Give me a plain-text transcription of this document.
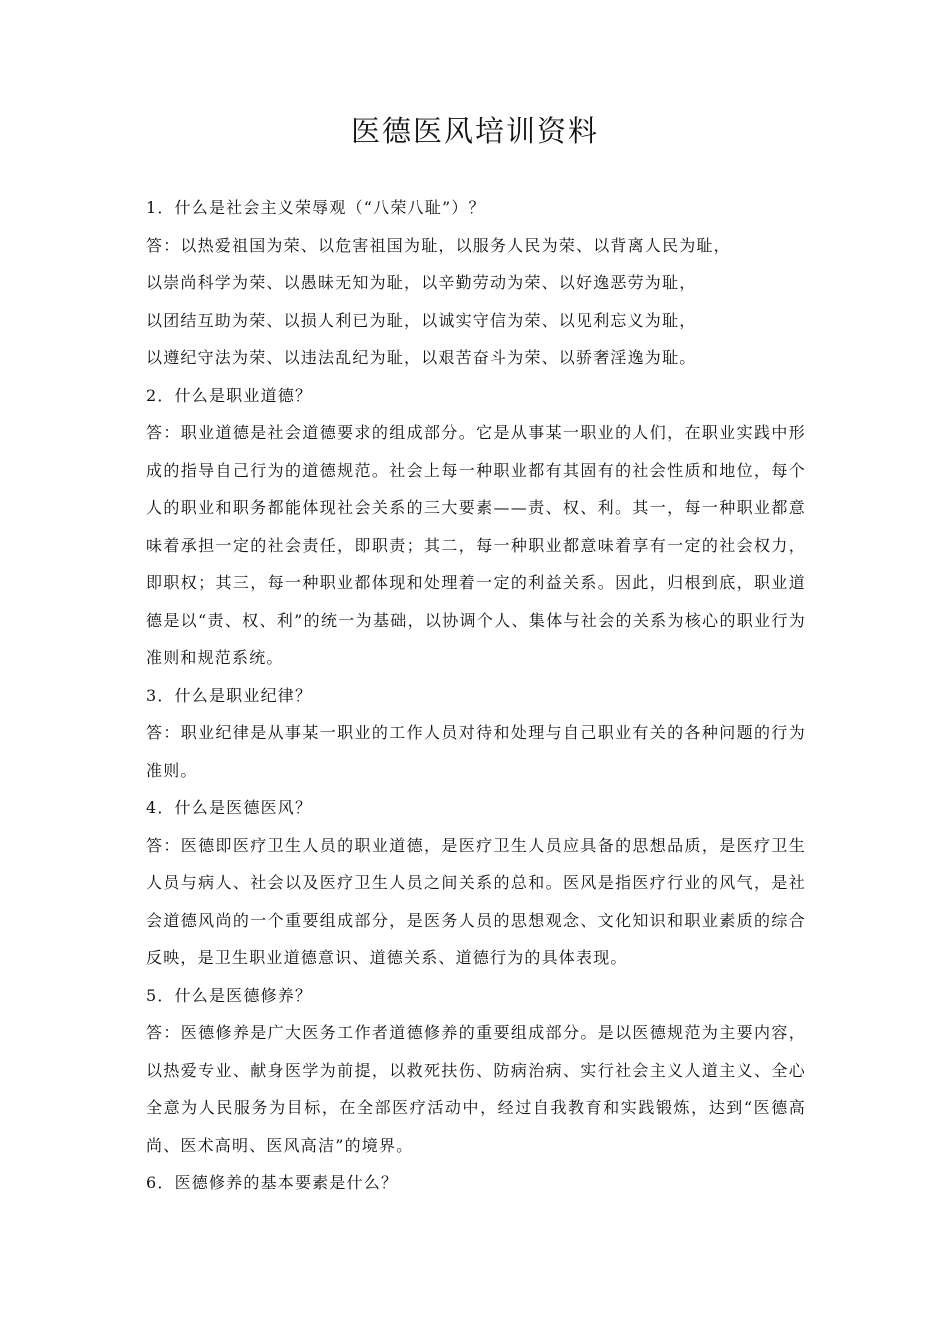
医德医风培训资料

1．什么是社会主义荣辱观（“八荣八耻”）？

答：以热爱祖国为荣、以危害祖国为耻，以服务人民为荣、以背离人民为耻，

以崇尚科学为荣、以愚昧无知为耻，以辛勤劳动为荣、以好逸恶劳为耻，

以团结互助为荣、以损人利已为耻，以诚实守信为荣、以见利忘义为耻，

以遵纪守法为荣、以违法乱纪为耻，以艰苦奋斗为荣、以骄奢淫逸为耻。

2．什么是职业道德？

答：职业道德是社会道德要求的组成部分。它是从事某一职业的人们，在职业实践中形成的指导自己行为的道德规范。社会上每一种职业都有其固有的社会性质和地位，每个人的职业和职务都能体现社会关系的三大要素——责、权、利。其一，每一种职业都意味着承担一定的社会责任，即职责；其二，每一种职业都意味着享有一定的社会权力，即职权；其三，每一种职业都体现和处理着一定的利益关系。因此，归根到底，职业道德是以“责、权、利”的统一为基础，以协调个人、集体与社会的关系为核心的职业行为准则和规范系统。

3．什么是职业纪律？

答：职业纪律是从事某一职业的工作人员对待和处理与自己职业有关的各种问题的行为准则。

4．什么是医德医风？

答：医德即医疗卫生人员的职业道德，是医疗卫生人员应具备的思想品质，是医疗卫生人员与病人、社会以及医疗卫生人员之间关系的总和。医风是指医疗行业的风气，是社会道德风尚的一个重要组成部分，是医务人员的思想观念、文化知识和职业素质的综合反映，是卫生职业道德意识、道德关系、道德行为的具体表现。

5．什么是医德修养？

答：医德修养是广大医务工作者道德修养的重要组成部分。是以医德规范为主要内容，以热爱专业、献身医学为前提，以救死扶伤、防病治病、实行社会主义人道主义、全心全意为人民服务为目标，在全部医疗活动中，经过自我教育和实践锻炼，达到“医德高尚、医术高明、医风高洁”的境界。

6．医德修养的基本要素是什么？
